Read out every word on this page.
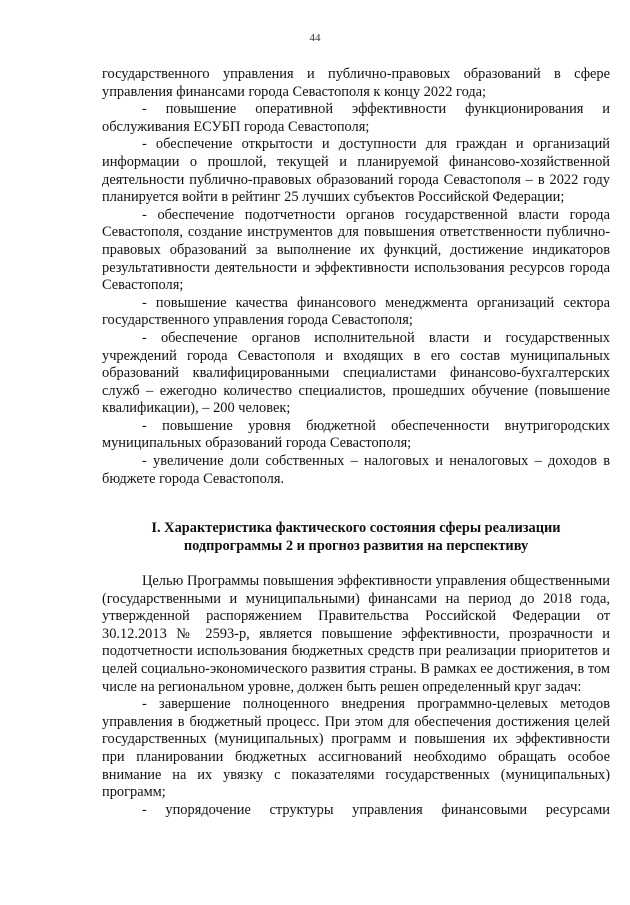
44

государственного управления и публично-правовых образований в сфере управления финансами города Севастополя к концу 2022 года;

- повышение оперативной эффективности функционирования и обслуживания ЕСУБП города Севастополя;

- обеспечение открытости и доступности для граждан и организаций информации о прошлой, текущей и планируемой финансово-хозяйственной деятельности публично-правовых образований города Севастополя – в 2022 году планируется войти в рейтинг 25 лучших субъектов Российской Федерации;

- обеспечение подотчетности органов государственной власти города Севастополя, создание инструментов для повышения ответственности публично-правовых образований за выполнение их функций, достижение индикаторов результативности деятельности и эффективности использования ресурсов города Севастополя;

- повышение качества финансового менеджмента организаций сектора государственного управления города Севастополя;

- обеспечение органов исполнительной власти и государственных учреждений города Севастополя и входящих в его состав муниципальных образований квалифицированными специалистами финансово-бухгалтерских служб – ежегодно количество специалистов, прошедших обучение (повышение квалификации), – 200 человек;

- повышение уровня бюджетной обеспеченности внутригородских муниципальных образований города Севастополя;

- увеличение доли собственных – налоговых и неналоговых – доходов в бюджете города Севастополя.

I. Характеристика фактического состояния сферы реализации
подпрограммы 2 и прогноз развития на перспективу

Целью Программы повышения эффективности управления общественными (государственными и муниципальными) финансами на период до 2018 года, утвержденной распоряжением Правительства Российской Федерации от 30.12.2013 № 2593-р, является повышение эффективности, прозрачности и подотчетности использования бюджетных средств при реализации приоритетов и целей социально-экономического развития страны. В рамках ее достижения, в том числе на региональном уровне, должен быть решен определенный круг задач:

- завершение полноценного внедрения программно-целевых методов управления в бюджетный процесс. При этом для обеспечения достижения целей государственных (муниципальных) программ и повышения их эффективности при планировании бюджетных ассигнований необходимо обращать особое внимание на их увязку с показателями государственных (муниципальных) программ;

- упорядочение структуры управления финансовыми ресурсами
